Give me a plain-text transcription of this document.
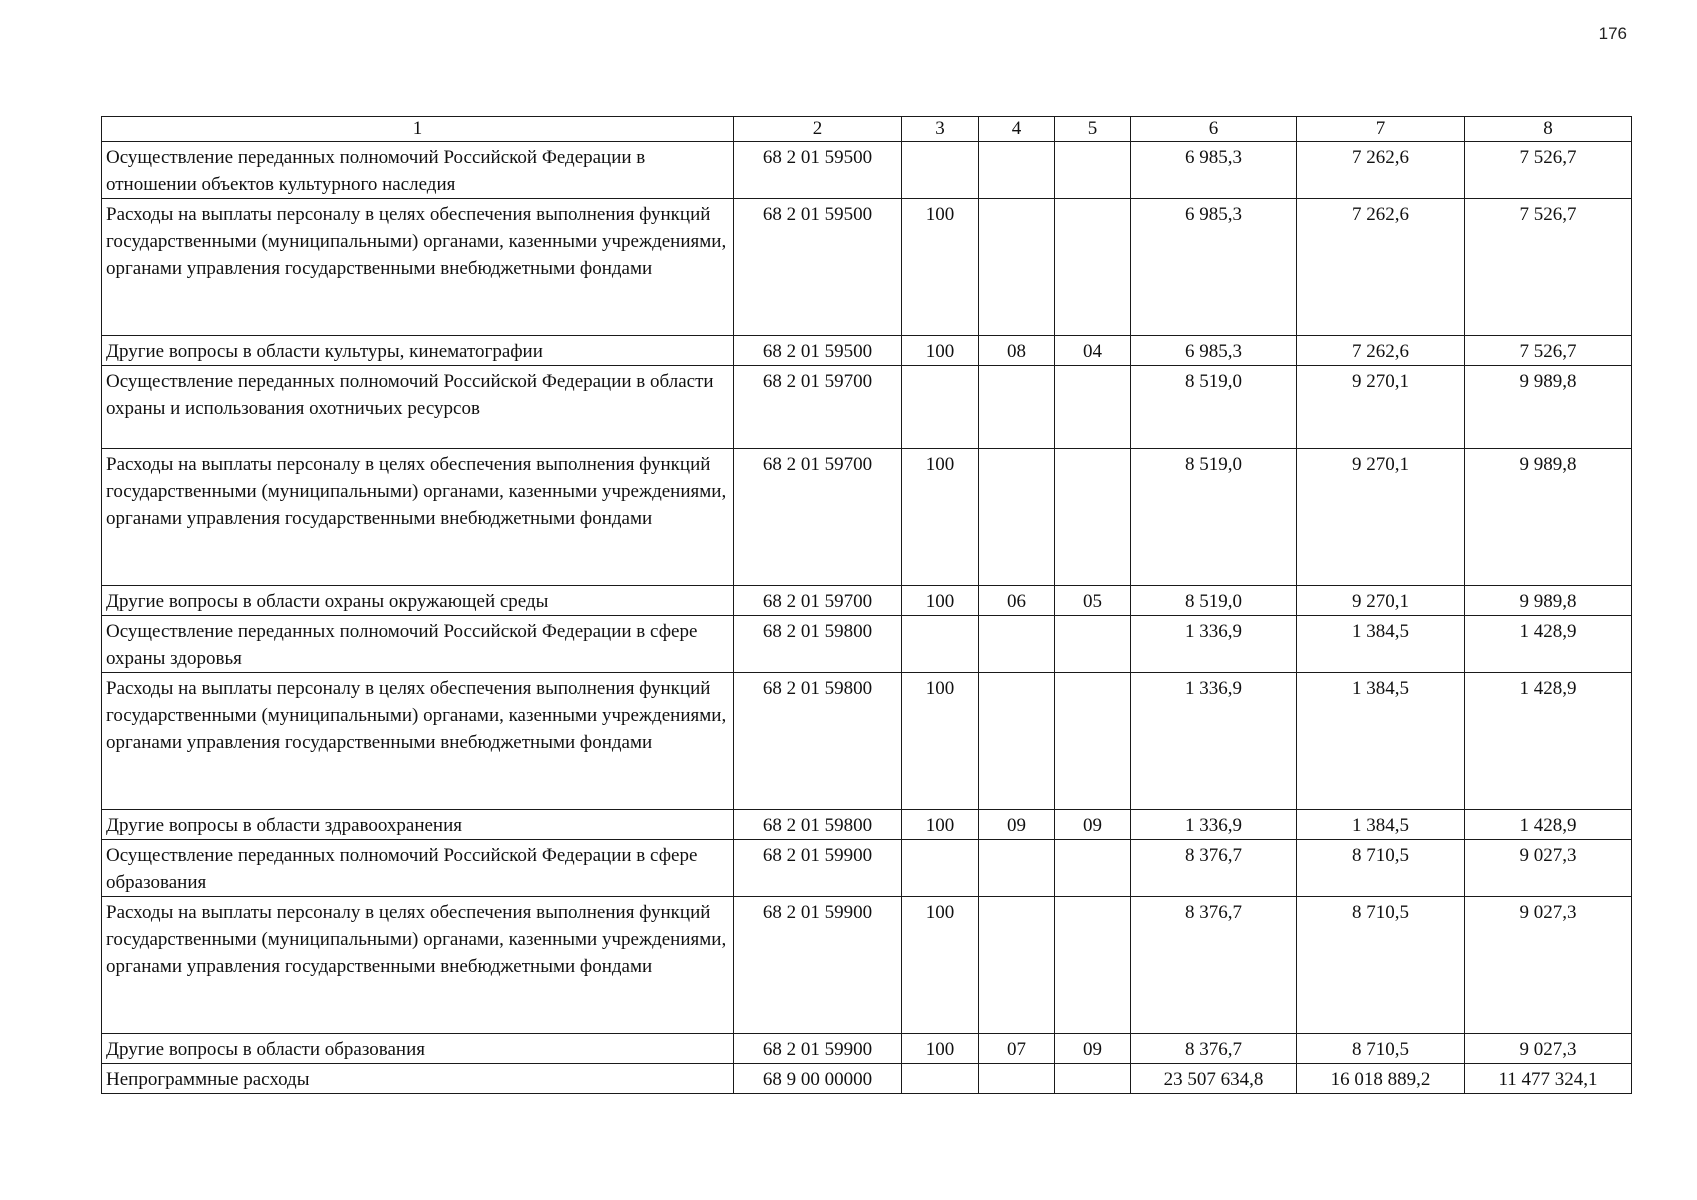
176
1	2	3	4	5	6	7	8
Осуществление переданных полномочий Российской Федерации в отношении объектов культурного наследия	68 2 01 59500				6 985,3	7 262,6	7 526,7
Расходы на выплаты персоналу в целях обеспечения выполнения функций государственными (муниципальными) органами, казенными учреждениями, органами управления государственными внебюджетными фондами	68 2 01 59500	100			6 985,3	7 262,6	7 526,7
Другие вопросы в области культуры, кинематографии	68 2 01 59500	100	08	04	6 985,3	7 262,6	7 526,7
Осуществление переданных полномочий Российской Федерации в области охраны и использования охотничьих ресурсов	68 2 01 59700				8 519,0	9 270,1	9 989,8
Расходы на выплаты персоналу в целях обеспечения выполнения функций государственными (муниципальными) органами, казенными учреждениями, органами управления государственными внебюджетными фондами	68 2 01 59700	100			8 519,0	9 270,1	9 989,8
Другие вопросы в области охраны окружающей среды	68 2 01 59700	100	06	05	8 519,0	9 270,1	9 989,8
Осуществление переданных полномочий Российской Федерации в сфере охраны здоровья	68 2 01 59800				1 336,9	1 384,5	1 428,9
Расходы на выплаты персоналу в целях обеспечения выполнения функций государственными (муниципальными) органами, казенными учреждениями, органами управления государственными внебюджетными фондами	68 2 01 59800	100			1 336,9	1 384,5	1 428,9
Другие вопросы в области здравоохранения	68 2 01 59800	100	09	09	1 336,9	1 384,5	1 428,9
Осуществление переданных полномочий Российской Федерации в сфере образования	68 2 01 59900				8 376,7	8 710,5	9 027,3
Расходы на выплаты персоналу в целях обеспечения выполнения функций государственными (муниципальными) органами, казенными учреждениями, органами управления государственными внебюджетными фондами	68 2 01 59900	100			8 376,7	8 710,5	9 027,3
Другие вопросы в области образования	68 2 01 59900	100	07	09	8 376,7	8 710,5	9 027,3
Непрограммные расходы	68 9 00 00000				23 507 634,8	16 018 889,2	11 477 324,1
